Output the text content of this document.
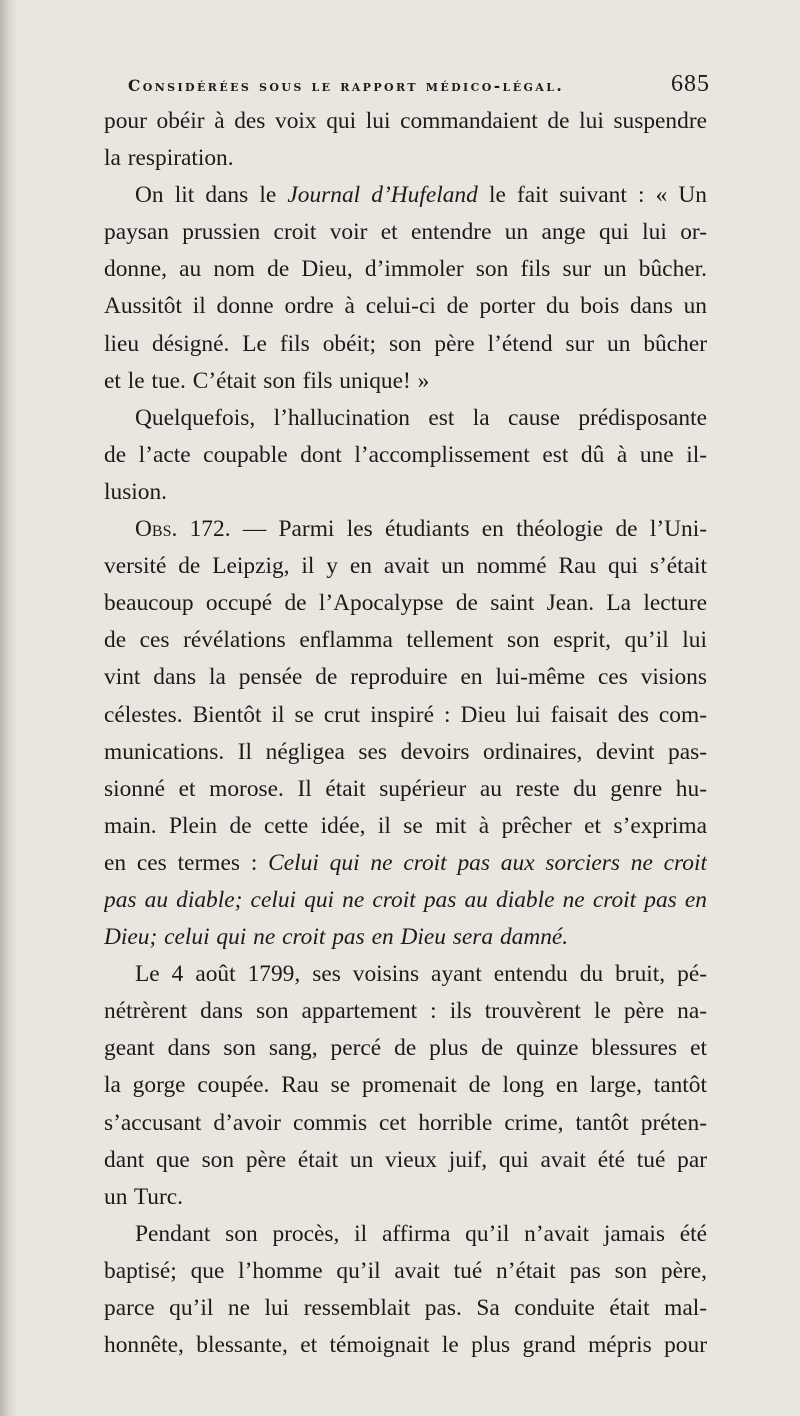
Considérées sous le rapport médico-légal.	685
pour obéir à des voix qui lui commandaient de lui suspendre
la respiration.
On lit dans le Journal d’Hufeland le fait suivant : « Un
paysan prussien croit voir et entendre un ange qui lui or-
donne, au nom de Dieu, d’immoler son fils sur un bûcher.
Aussitôt il donne ordre à celui-ci de porter du bois dans un
lieu désigné. Le fils obéit; son père l’étend sur un bûcher
et le tue. C’était son fils unique! »
Quelquefois, l’hallucination est la cause prédisposante
de l’acte coupable dont l’accomplissement est dû à une il-
lusion.
Obs. 172. — Parmi les étudiants en théologie de l’Uni-
versité de Leipzig, il y en avait un nommé Rau qui s’était
beaucoup occupé de l’Apocalypse de saint Jean. La lecture
de ces révélations enflamma tellement son esprit, qu’il lui
vint dans la pensée de reproduire en lui-même ces visions
célestes. Bientôt il se crut inspiré : Dieu lui faisait des com-
munications. Il négligea ses devoirs ordinaires, devint pas-
sionné et morose. Il était supérieur au reste du genre hu-
main. Plein de cette idée, il se mit à prêcher et s’exprima
en ces termes : Celui qui ne croit pas aux sorciers ne croit
pas au diable; celui qui ne croit pas au diable ne croit pas en
Dieu; celui qui ne croit pas en Dieu sera damné.
Le 4 août 1799, ses voisins ayant entendu du bruit, pé-
nétrèrent dans son appartement : ils trouvèrent le père na-
geant dans son sang, percé de plus de quinze blessures et
la gorge coupée. Rau se promenait de long en large, tantôt
s’accusant d’avoir commis cet horrible crime, tantôt préten-
dant que son père était un vieux juif, qui avait été tué par
un Turc.
Pendant son procès, il affirma qu’il n’avait jamais été
baptisé; que l’homme qu’il avait tué n’était pas son père,
parce qu’il ne lui ressemblait pas. Sa conduite était mal-
honnête, blessante, et témoignait le plus grand mépris pour
